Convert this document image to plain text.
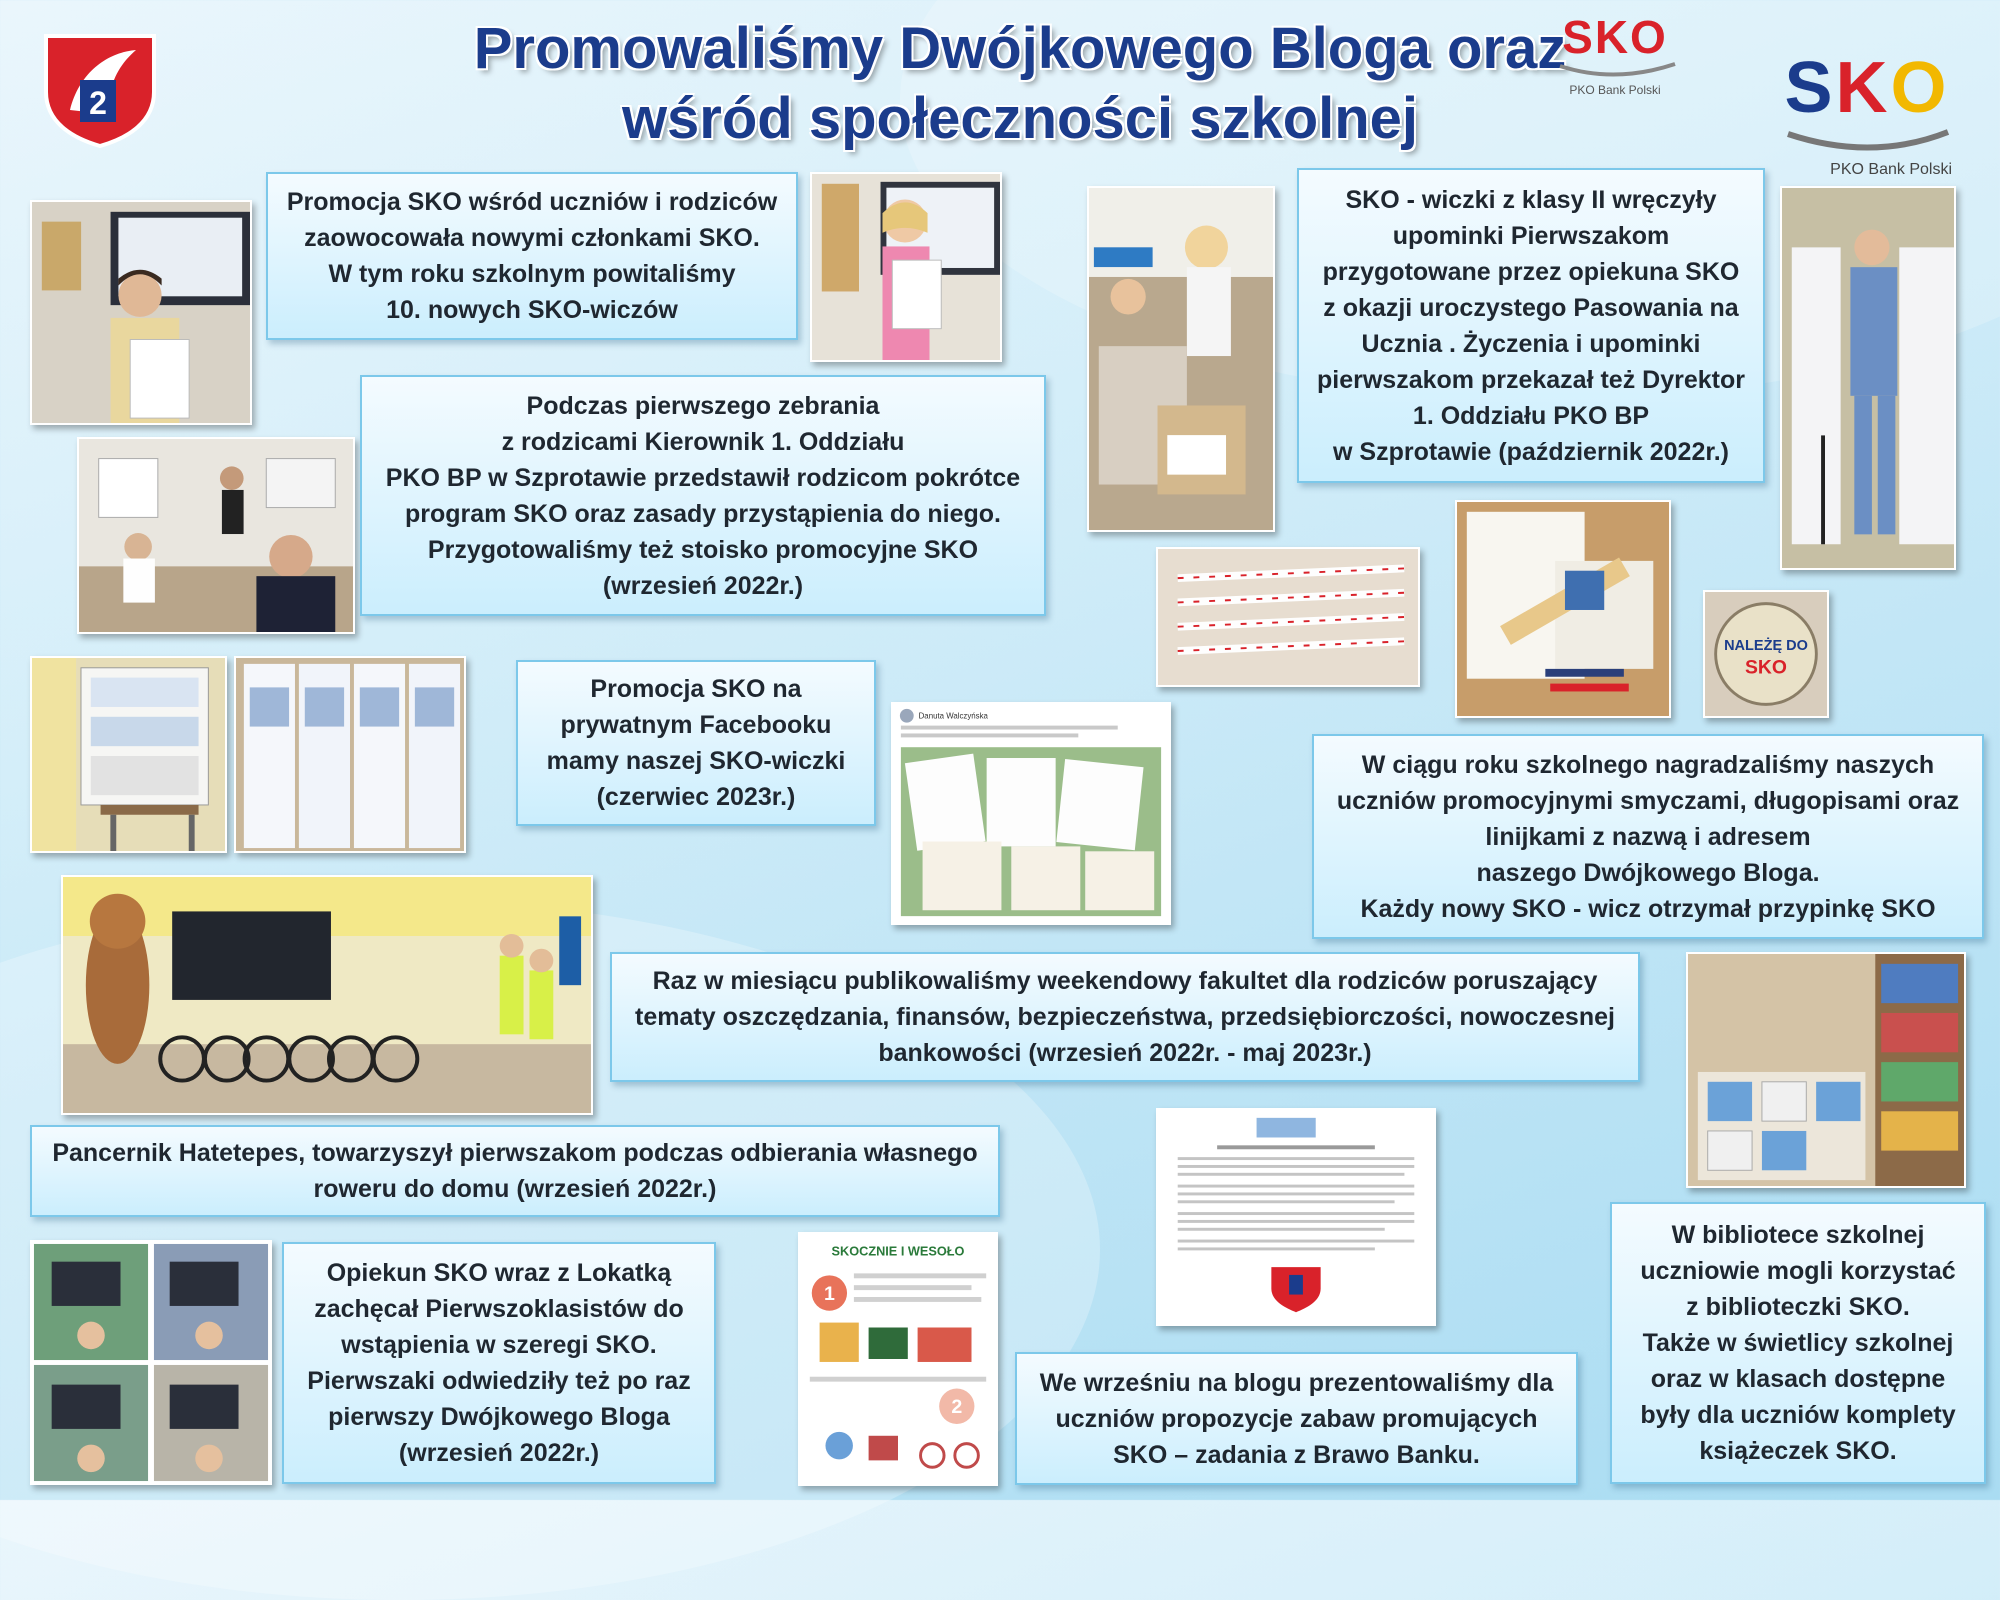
2
Promowaliśmy Dwójkowego Bloga oraz
wśród społeczności szkolnej
SKO
PKO Bank Polski SKO
PKO Bank Polski
NALEŻĘ DO
SKO
Danuta Walczyńska
SKOCZNIE I WESOŁO
1
2
Promocja SKO wśród uczniów i rodziców
zaowocowała nowymi członkami SKO.
W tym roku szkolnym powitaliśmy
10. nowych SKO-wiczów
Podczas pierwszego zebrania
z rodzicami Kierownik 1. Oddziału
PKO BP w Szprotawie przedstawił rodzicom pokrótce
program SKO oraz zasady przystąpienia do niego.
Przygotowaliśmy też stoisko promocyjne SKO
(wrzesień 2022r.)
SKO - wiczki z klasy II wręczyły
upominki Pierwszakom
przygotowane przez opiekuna SKO
z okazji uroczystego Pasowania na
Ucznia . Życzenia i upominki
pierwszakom przekazał też Dyrektor
1. Oddziału PKO BP
w Szprotawie (październik 2022r.)
Promocja SKO na
prywatnym Facebooku
mamy naszej SKO-wiczki
(czerwiec 2023r.)
W ciągu roku szkolnego nagradzaliśmy naszych
uczniów promocyjnymi smyczami, długopisami oraz
linijkami z nazwą i adresem
naszego Dwójkowego Bloga.
Każdy nowy SKO - wicz otrzymał przypinkę SKO
Raz w miesiącu publikowaliśmy weekendowy fakultet dla rodziców poruszający
tematy oszczędzania, finansów, bezpieczeństwa, przedsiębiorczości, nowoczesnej
bankowości (wrzesień 2022r. - maj 2023r.)
Pancernik Hatetepes, towarzyszył pierwszakom podczas odbierania własnego
roweru do domu (wrzesień 2022r.)
Opiekun SKO wraz z Lokatką
zachęcał Pierwszoklasistów do
wstąpienia w szeregi SKO.
Pierwszaki odwiedziły też po raz
pierwszy Dwójkowego Bloga
(wrzesień 2022r.)
We wrześniu na blogu prezentowaliśmy dla
uczniów propozycje zabaw promujących
SKO – zadania z Brawo Banku.
W bibliotece szkolnej
uczniowie mogli korzystać
z biblioteczki SKO.
Także w świetlicy szkolnej
oraz w klasach dostępne
były dla uczniów komplety
książeczek SKO.
